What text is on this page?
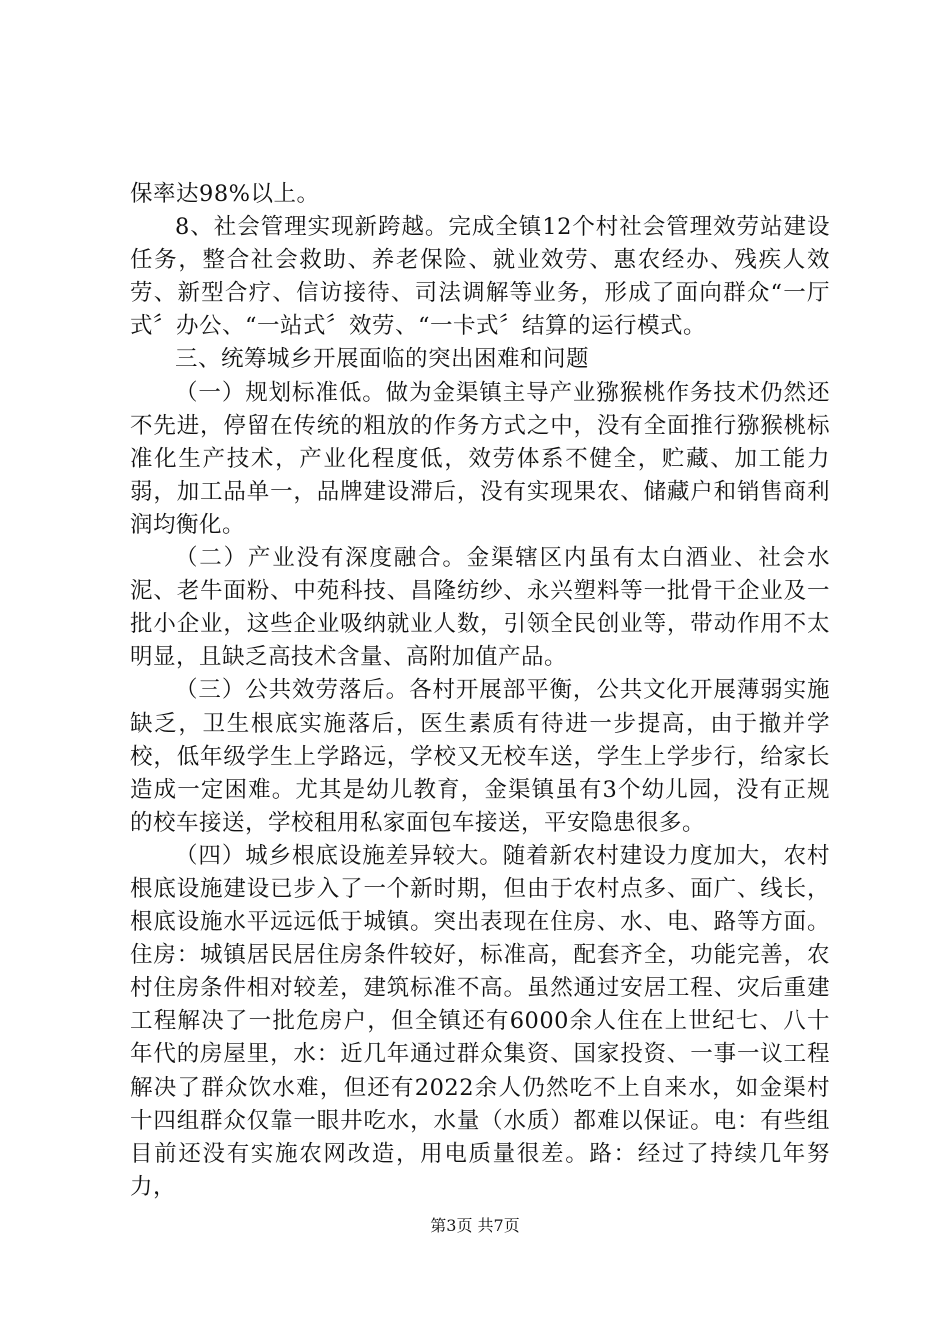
保率达98%以上。

8、社会管理实现新跨越。完成全镇12个村社会管理效劳站建设任务，整合社会救助、养老保险、就业效劳、惠农经办、残疾人效劳、新型合疗、信访接待、司法调解等业务，形成了面向群众“一厅式〞办公、“一站式〞效劳、“一卡式〞结算的运行模式。

三、统筹城乡开展面临的突出困难和问题

（一）规划标准低。做为金渠镇主导产业猕猴桃作务技术仍然还不先进，停留在传统的粗放的作务方式之中，没有全面推行猕猴桃标准化生产技术，产业化程度低，效劳体系不健全，贮藏、加工能力弱，加工品单一，品牌建设滞后，没有实现果农、储藏户和销售商利润均衡化。

（二）产业没有深度融合。金渠辖区内虽有太白酒业、社会水泥、老牛面粉、中苑科技、昌隆纺纱、永兴塑料等一批骨干企业及一批小企业，这些企业吸纳就业人数，引领全民创业等，带动作用不太明显，且缺乏高技术含量、高附加值产品。

（三）公共效劳落后。各村开展部平衡，公共文化开展薄弱实施缺乏，卫生根底实施落后，医生素质有待进一步提高，由于撤并学校，低年级学生上学路远，学校又无校车送，学生上学步行，给家长造成一定困难。尤其是幼儿教育，金渠镇虽有3个幼儿园，没有正规的校车接送，学校租用私家面包车接送，平安隐患很多。

（四）城乡根底设施差异较大。随着新农村建设力度加大，农村根底设施建设已步入了一个新时期，但由于农村点多、面广、线长，根底设施水平远远低于城镇。突出表现在住房、水、电、路等方面。住房：城镇居民居住房条件较好，标准高，配套齐全，功能完善，农村住房条件相对较差，建筑标准不高。虽然通过安居工程、灾后重建工程解决了一批危房户，但全镇还有6000余人住在上世纪七、八十年代的房屋里，水：近几年通过群众集资、国家投资、一事一议工程解决了群众饮水难，但还有2022余人仍然吃不上自来水，如金渠村十四组群众仅靠一眼井吃水，水量（水质）都难以保证。电：有些组目前还没有实施农网改造，用电质量很差。路：经过了持续几年努力，

第3页 共7页
